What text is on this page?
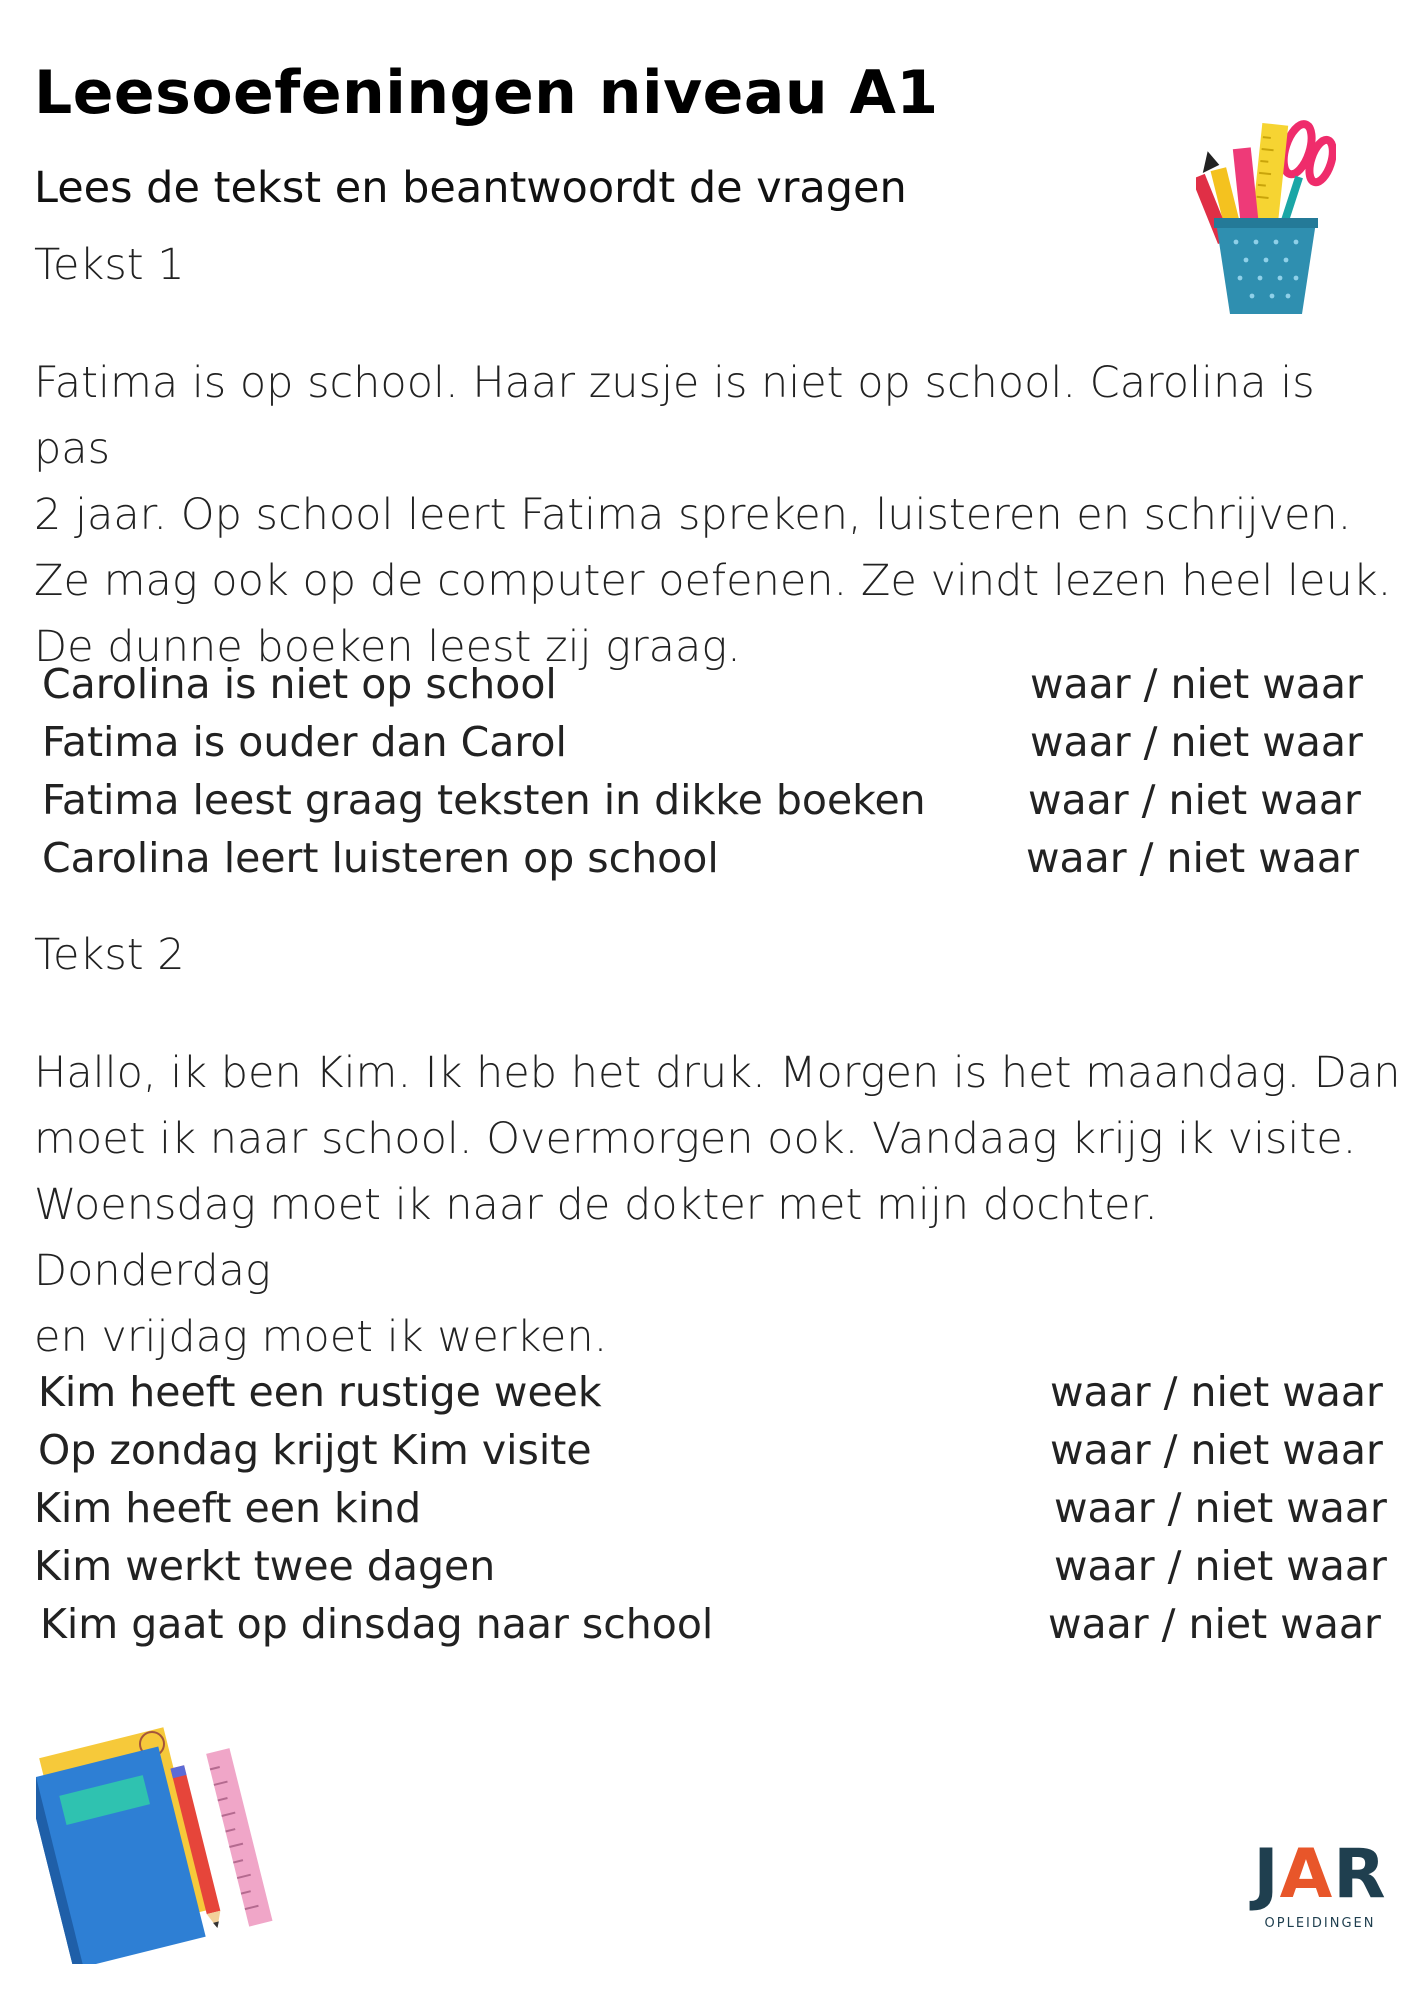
Leesoefeningen niveau A1
Lees de tekst en beantwoordt de vragen
Tekst 1
Fatima is op school. Haar zusje is niet op school. Carolina is pas
2 jaar. Op school leert Fatima spreken, luisteren en schrijven.
Ze mag ook op de computer oefenen. Ze vindt lezen heel leuk.
De dunne boeken leest zij graag.
Carolina is niet op school	waar / niet waar
Fatima is ouder dan Carol	waar / niet waar
Fatima leest graag teksten in dikke boeken waar / niet waar
Carolina leert luisteren op school	waar / niet waar
Tekst 2
Hallo, ik ben Kim. Ik heb het druk. Morgen is het maandag. Dan
moet ik naar school. Overmorgen ook. Vandaag krijg ik visite.
Woensdag moet ik naar de dokter met mijn dochter. Donderdag
en vrijdag moet ik werken.
Kim heeft een rustige week	waar / niet waar
Op zondag krijgt Kim visite	waar / niet waar
Kim heeft een kind	waar / niet waar
Kim werkt twee dagen	waar / niet waar
Kim gaat op dinsdag naar school	waar / niet waar
JAR
OPLEIDINGEN
